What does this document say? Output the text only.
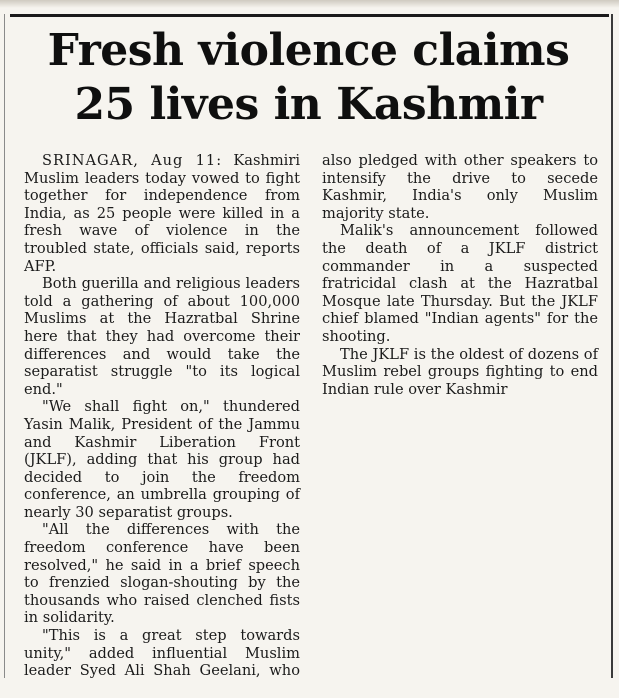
Fresh violence claims
25 lives in Kashmir

SRINAGAR, Aug 11: Kashmiri Muslim leaders today vowed to fight together for independence from India, as 25 people were killed in a fresh wave of violence in the troubled state, officials said, reports AFP.

Both guerilla and religious leaders told a gathering of about 100,000 Muslims at the Hazratbal Shrine here that they had overcome their differences and would take the separatist struggle "to its logical end."

"We shall fight on," thundered Yasin Malik, President of the Jammu and Kashmir Liberation Front (JKLF), adding that his group had decided to join the freedom conference, an umbrella grouping of nearly 30 separatist groups.

"All the differences with the freedom conference have been resolved," he said in a brief speech to frenzied slogan-shouting by the thousands who raised clenched fists in solidarity.

"This is a great step towards unity," added influential Muslim leader Syed Ali Shah Geelani, who also pledged with other speakers to intensify the drive to secede Kashmir, India's only Muslim majority state.

Malik's announcement followed the death of a JKLF district commander in a suspected fratricidal clash at the Hazratbal Mosque late Thursday. But the JKLF chief blamed "Indian agents" for the shooting.

The JKLF is the oldest of dozens of Muslim rebel groups fighting to end Indian rule over Kashmir
